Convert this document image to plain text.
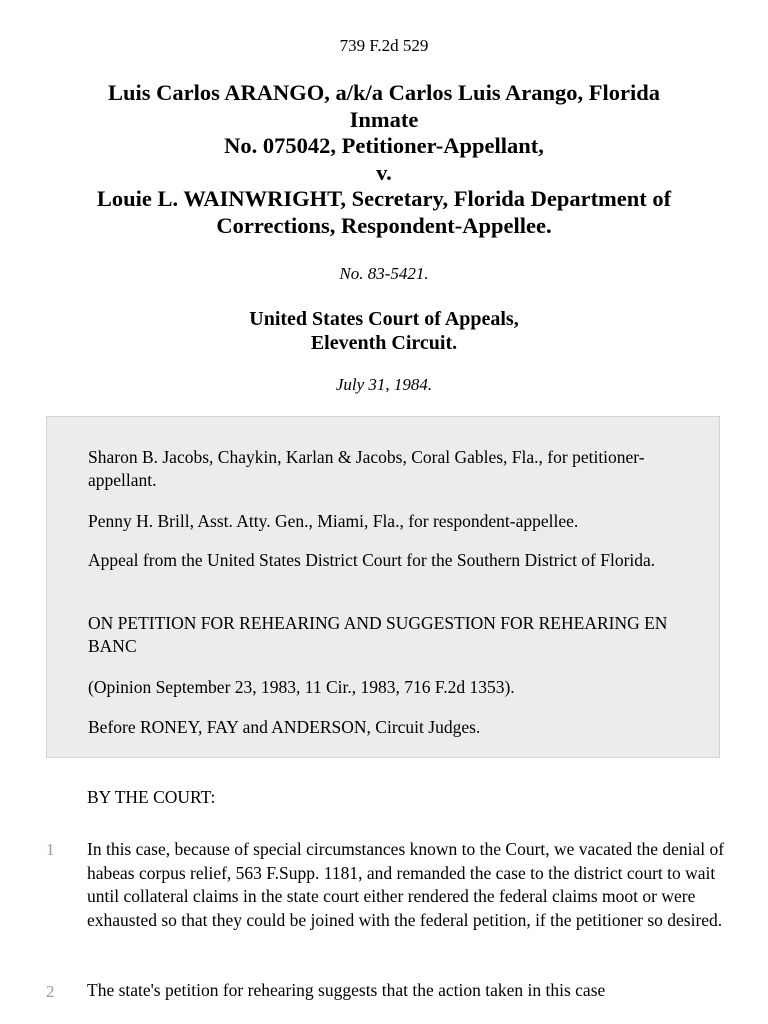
739 F.2d 529
Luis Carlos ARANGO, a/k/a Carlos Luis Arango, Florida
Inmate
No. 075042, Petitioner-Appellant,
v.
Louie L. WAINWRIGHT, Secretary, Florida Department of
Corrections, Respondent-Appellee.
No. 83-5421.
United States Court of Appeals,
Eleventh Circuit.
July 31, 1984.

Sharon B. Jacobs, Chaykin, Karlan & Jacobs, Coral Gables, Fla., for petitioner-appellant.

Penny H. Brill, Asst. Atty. Gen., Miami, Fla., for respondent-appellee.

Appeal from the United States District Court for the Southern District of Florida.

ON PETITION FOR REHEARING AND SUGGESTION FOR REHEARING EN BANC

(Opinion September 23, 1983, 11 Cir., 1983, 716 F.2d 1353).

Before RONEY, FAY and ANDERSON, Circuit Judges.

BY THE COURT:
1 In this case, because of special circumstances known to the Court, we vacated the denial of habeas corpus relief, 563 F.Supp. 1181, and remanded the case to the district court to wait until collateral claims in the state court either rendered the federal claims moot or were exhausted so that they could be joined with the federal petition, if the petitioner so desired.

2 The state's petition for rehearing suggests that the action taken in this case
